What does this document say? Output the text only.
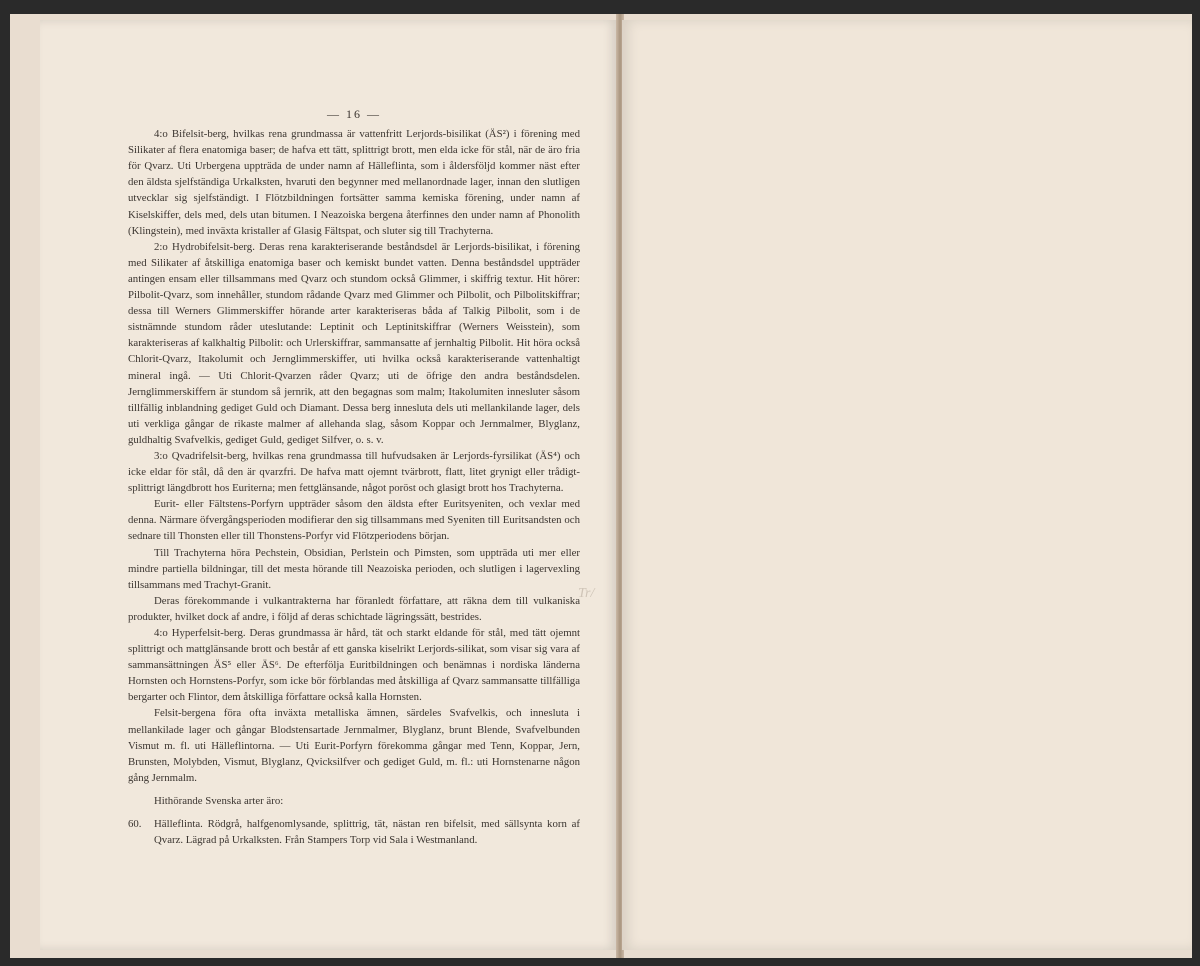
— 16 —

4:o Bifelsit-berg, hvilkas rena grundmassa är vattenfritt Lerjords-bisilikat (ÄS²) i förening med Silikater af flera enatomiga baser; de hafva ett tätt, splittrigt brott, men elda icke för stål, när de äro fria för Qvarz. Uti Urbergena uppträda de under namn af Hälleflinta, som i åldersföljd kommer näst efter den äldsta sjelfständiga Urkalksten, hvaruti den begynner med mellanordnade lager, innan den slutligen utvecklar sig sjelfständigt. I Flötzbildningen fortsätter samma kemiska förening, under namn af Kiselskiffer, dels med, dels utan bitumen. I Neazoiska bergena återfinnes den under namn af Phonolith (Klingstein), med inväxta kristaller af Glasig Fältspat, och sluter sig till Trachyterna.

2:o Hydrobifelsit-berg. Deras rena karakteriserande beståndsdel är Lerjords-bisilikat, i förening med Silikater af åtskilliga enatomiga baser och kemiskt bundet vatten. Denna beståndsdel uppträder antingen ensam eller tillsammans med Qvarz och stundom också Glimmer, i skiffrig textur. Hit hörer: Pilbolit-Qvarz, som innehåller, stundom rådande Qvarz med Glimmer och Pilbolit, och Pilbolitskiffrar; dessa till Werners Glimmerskiffer hörande arter karakteriseras båda af Talkig Pilbolit, som i de sistnämnde stundom råder uteslutande: Leptinit och Leptinitskiffrar (Werners Weisstein), som karakteriseras af kalkhaltig Pilbolit: och Urlerskiffrar, sammansatte af jernhaltig Pilbolit. Hit höra också Chlorit-Qvarz, Itakolumit och Jernglimmerskiffer, uti hvilka också karakteriserande vattenhaltigt mineral ingå. — Uti Chlorit-Qvarzen råder Qvarz; uti de öfrige den andra beståndsdelen. Jernglimmerskiffern är stundom så jernrik, att den begagnas som malm; Itakolumiten innesluter såsom tillfällig inblandning gediget Guld och Diamant. Dessa berg innesluta dels uti mellankilande lager, dels uti verkliga gångar de rikaste malmer af allehanda slag, såsom Koppar och Jernmalmer, Blyglanz, guldhaltig Svafvelkis, gediget Guld, gediget Silfver, o. s. v.

3:o Qvadrifelsit-berg, hvilkas rena grundmassa till hufvudsaken är Lerjords-fyrsilikat (ÄS⁴) och icke eldar för stål, då den är qvarzfri. De hafva matt ojemnt tvärbrott, flatt, litet grynigt eller trådigt-splittrigt längdbrott hos Euriterna; men fettglänsande, något poröst och glasigt brott hos Trachyterna.

Eurit- eller Fältstens-Porfyrn uppträder såsom den äldsta efter Euritsyeniten, och vexlar med denna. Närmare öfvergångsperioden modifierar den sig tillsammans med Syeniten till Euritsandsten och sednare till Thonsten eller till Thonstens-Porfyr vid Flötzperiodens början.

Till Trachyterna höra Pechstein, Obsidian, Perlstein och Pimsten, som uppträda uti mer eller mindre partiella bildningar, till det mesta hörande till Neazoiska perioden, och slutligen i lagervexling tillsammans med Trachyt-Granit.

Deras förekommande i vulkantrakterna har föranledt författare, att räkna dem till vulkaniska produkter, hvilket dock af andre, i följd af deras schichtade lägringssätt, bestrides.

4:o Hyperfelsit-berg. Deras grundmassa är hård, tät och starkt eldande för stål, med tätt ojemnt splittrigt och mattglänsande brott och består af ett ganska kiselrikt Lerjords-silikat, som visar sig vara af sammansättningen ÄS⁵ eller ÄS⁶. De efterfölja Euritbildningen och benämnas i nordiska länderna Hornsten och Hornstens-Porfyr, som icke bör förblandas med åtskilliga af Qvarz sammansatte tillfälliga bergarter och Flintor, dem åtskilliga författare också kalla Hornsten.

Felsit-bergena föra ofta inväxta metalliska ämnen, särdeles Svafvelkis, och innesluta i mellankilade lager och gångar Blodstensartade Jernmalmer, Blyglanz, brunt Blende, Svafvelbunden Vismut m. fl. uti Hälleflintorna. — Uti Eurit-Porfyrn förekomma gångar med Tenn, Koppar, Jern, Brunsten, Molybden, Vismut, Blyglanz, Qvicksilfver och gediget Guld, m. fl.: uti Hornstenarne någon gång Jernmalm.

Hithörande Svenska arter äro:

60. Hälleflinta. Rödgrå, halfgenomlysande, splittrig, tät, nästan ren bifelsit, med sällsynta korn af Qvarz. Lägrad på Urkalksten. Från Stampers Torp vid Sala i Westmanland.

Tr/
